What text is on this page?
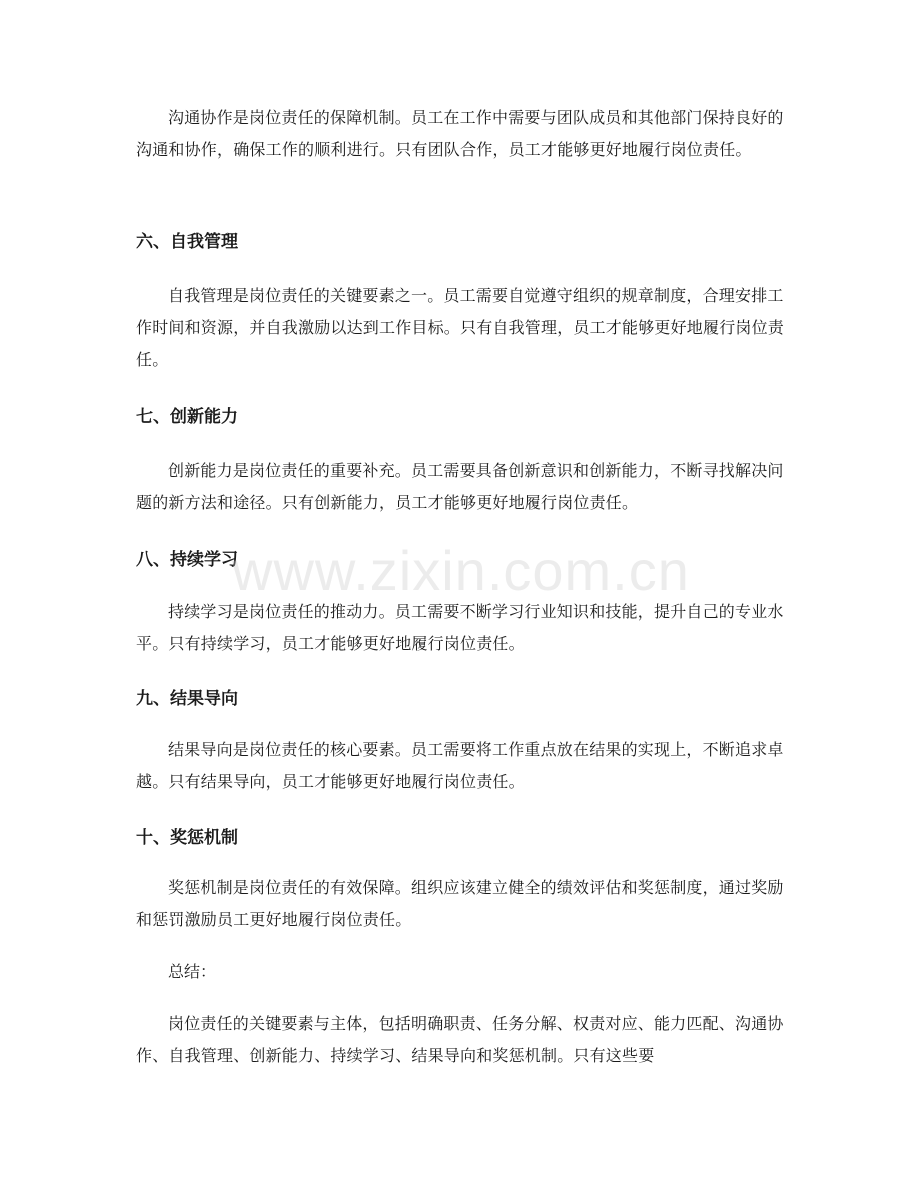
沟通协作是岗位责任的保障机制。员工在工作中需要与团队成员和其他部门保持良好的沟通和协作，确保工作的顺利进行。只有团队合作，员工才能够更好地履行岗位责任。

六、自我管理

自我管理是岗位责任的关键要素之一。员工需要自觉遵守组织的规章制度，合理安排工作时间和资源，并自我激励以达到工作目标。只有自我管理，员工才能够更好地履行岗位责任。

七、创新能力

创新能力是岗位责任的重要补充。员工需要具备创新意识和创新能力，不断寻找解决问题的新方法和途径。只有创新能力，员工才能够更好地履行岗位责任。

八、持续学习

持续学习是岗位责任的推动力。员工需要不断学习行业知识和技能，提升自己的专业水平。只有持续学习，员工才能够更好地履行岗位责任。

九、结果导向

结果导向是岗位责任的核心要素。员工需要将工作重点放在结果的实现上，不断追求卓越。只有结果导向，员工才能够更好地履行岗位责任。

十、奖惩机制

奖惩机制是岗位责任的有效保障。组织应该建立健全的绩效评估和奖惩制度，通过奖励和惩罚激励员工更好地履行岗位责任。

总结：

岗位责任的关键要素与主体，包括明确职责、任务分解、权责对应、能力匹配、沟通协作、自我管理、创新能力、持续学习、结果导向和奖惩机制。只有这些要

www.zixin.com.cn
